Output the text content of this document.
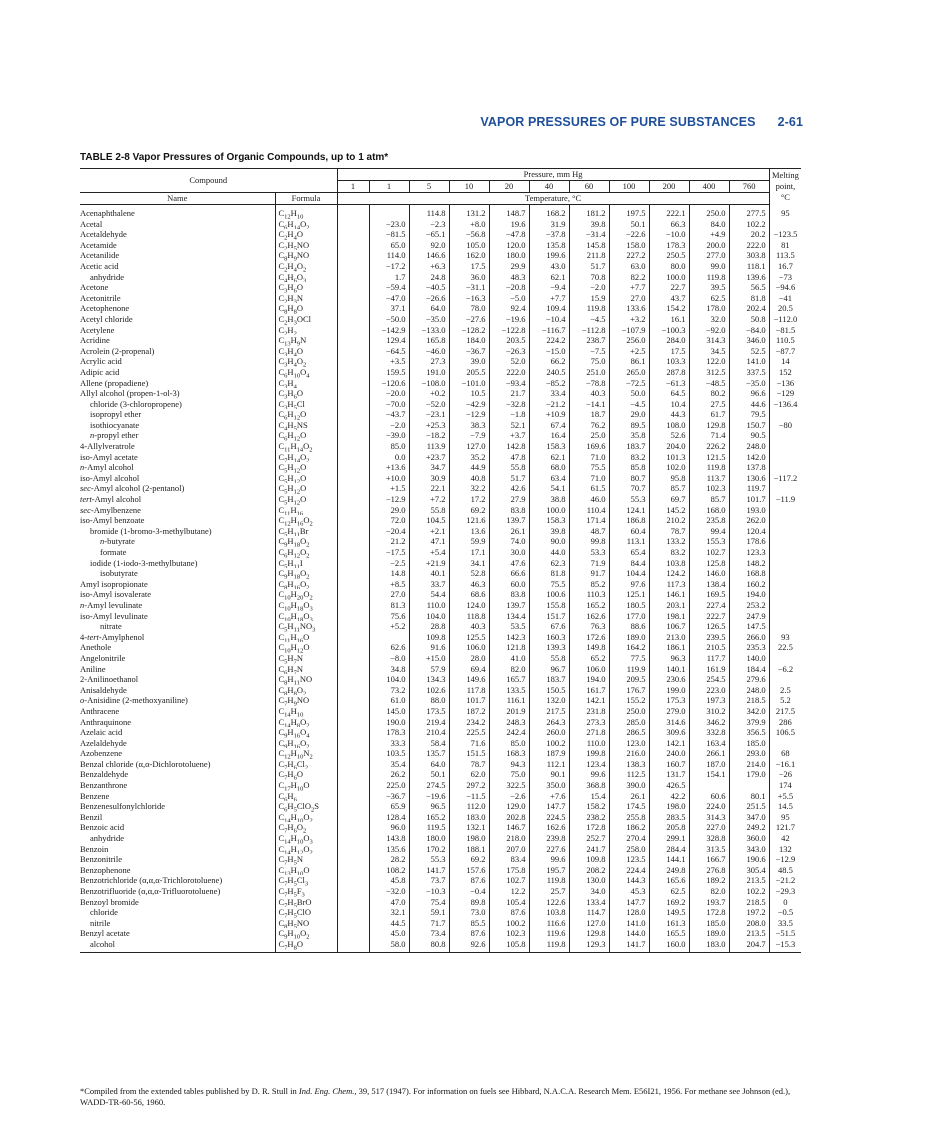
VAPOR PRESSURES OF PURE SUBSTANCES 2-61
TABLE 2-8 Vapor Pressures of Organic Compounds, up to 1 atm*
Compound		Pressure, mm Hg											Melting
point,
°C

		1	1	5	10	20	40	60	100	200	400	760	
Name	Formula	Temperature, °C											
Acenaphthalene	$C_{12}H_{10}$			114.8	131.2	148.7	168.2	181.2	197.5	222.1	250.0	277.5	95
Acetal	$C_6H_{14}O_2$		−23.0	−2.3	+8.0	19.6	31.9	39.8	50.1	66.3	84.0	102.2	
Acetaldehyde	$C_2H_4O$		−81.5	−65.1	−56.8	−47.8	−37.8	−31.4	−22.6	−10.0	+4.9	20.2	−123.5
Acetamide	$C_2H_5NO$		65.0	92.0	105.0	120.0	135.8	145.8	158.0	178.3	200.0	222.0	81
Acetanilide	$C_8H_9NO$		114.0	146.6	162.0	180.0	199.6	211.8	227.2	250.5	277.0	303.8	113.5
Acetic acid	$C_2H_4O_2$		−17.2	+6.3	17.5	29.9	43.0	51.7	63.0	80.0	99.0	118.1	16.7
anhydride	$C_4H_6O_3$		1.7	24.8	36.0	48.3	62.1	70.8	82.2	100.0	119.8	139.6	−73
Acetone	$C_3H_6O$		−59.4	−40.5	−31.1	−20.8	−9.4	−2.0	+7.7	22.7	39.5	56.5	−94.6
Acetonitrile	$C_2H_3N$		−47.0	−26.6	−16.3	−5.0	+7.7	15.9	27.0	43.7	62.5	81.8	−41
Acetophenone	$C_8H_8O$		37.1	64.0	78.0	92.4	109.4	119.8	133.6	154.2	178.0	202.4	20.5
Acetyl chloride	$C_2H_3OCl$		−50.0	−35.0	−27.6	−19.6	−10.4	−4.5	+3.2	16.1	32.0	50.8	−112.0
Acetylene	$C_2H_2$		−142.9	−133.0	−128.2	−122.8	−116.7	−112.8	−107.9	−100.3	−92.0	−84.0	−81.5
Acridine	$C_{13}H_9N$		129.4	165.8	184.0	203.5	224.2	238.7	256.0	284.0	314.3	346.0	110.5
Acrolein (2-propenal)	$C_3H_4O$		−64.5	−46.0	−36.7	−26.3	−15.0	−7.5	+2.5	17.5	34.5	52.5	−87.7
Acrylic acid	$C_3H_4O_2$		+3.5	27.3	39.0	52.0	66.2	75.0	86.1	103.3	122.0	141.0	14
Adipic acid	$C_6H_{10}O_4$		159.5	191.0	205.5	222.0	240.5	251.0	265.0	287.8	312.5	337.5	152
Allene (propadiene)	$C_3H_4$		−120.6	−108.0	−101.0	−93.4	−85.2	−78.8	−72.5	−61.3	−48.5	−35.0	−136
Allyl alcohol (propen-1-ol-3)	$C_3H_6O$		−20.0	+0.2	10.5	21.7	33.4	40.3	50.0	64.5	80.2	96.6	−129
chloride (3-chloropropene)	$C_3H_5Cl$		−70.0	−52.0	−42.9	−32.8	−21.2	−14.1	−4.5	10.4	27.5	44.6	−136.4
isopropyl ether	$C_6H_{12}O$		−43.7	−23.1	−12.9	−1.8	+10.9	18.7	29.0	44.3	61.7	79.5	
isothiocyanate	$C_4H_5NS$		−2.0	+25.3	38.3	52.1	67.4	76.2	89.5	108.0	129.8	150.7	−80
n-propyl ether	$C_6H_{12}O$		−39.0	−18.2	−7.9	+3.7	16.4	25.0	35.8	52.6	71.4	90.5	
4-Allylveratrole	$C_{11}H_{14}O_2$		85.0	113.9	127.0	142.8	158.3	169.6	183.7	204.0	226.2	248.0	
iso-Amyl acetate	$C_7H_{14}O_2$		0.0	+23.7	35.2	47.8	62.1	71.0	83.2	101.3	121.5	142.0	
n-Amyl alcohol	$C_5H_{12}O$		+13.6	34.7	44.9	55.8	68.0	75.5	85.8	102.0	119.8	137.8	
iso-Amyl alcohol	$C_5H_{12}O$		+10.0	30.9	40.8	51.7	63.4	71.0	80.7	95.8	113.7	130.6	−117.2
sec-Amyl alcohol (2-pentanol)	$C_5H_{12}O$		+1.5	22.1	32.2	42.6	54.1	61.5	70.7	85.7	102.3	119.7	
tert-Amyl alcohol	$C_5H_{12}O$		−12.9	+7.2	17.2	27.9	38.8	46.0	55.3	69.7	85.7	101.7	−11.9
sec-Amylbenzene	$C_{11}H_{16}$		29.0	55.8	69.2	83.8	100.0	110.4	124.1	145.2	168.0	193.0	
iso-Amyl benzoate	$C_{12}H_{16}O_2$		72.0	104.5	121.6	139.7	158.3	171.4	186.8	210.2	235.8	262.0	
bromide (1-bromo-3-methylbutane)	$C_5H_{11}Br$		−20.4	+2.1	13.6	26.1	39.8	48.7	60.4	78.7	99.4	120.4	
n-butyrate	$C_9H_{18}O_2$		21.2	47.1	59.9	74.0	90.0	99.8	113.1	133.2	155.3	178.6	
formate	$C_6H_{12}O_2$		−17.5	+5.4	17.1	30.0	44.0	53.3	65.4	83.2	102.7	123.3	
iodide (1-iodo-3-methylbutane)	$C_5H_{11}I$		−2.5	+21.9	34.1	47.6	62.3	71.9	84.4	103.8	125.8	148.2	
isobutyrate	$C_9H_{18}O_2$		14.8	40.1	52.8	66.6	81.8	91.7	104.4	124.2	146.0	168.8	
Amyl isopropionate	$C_8H_{16}O_2$		+8.5	33.7	46.3	60.0	75.5	85.2	97.6	117.3	138.4	160.2	
iso-Amyl isovalerate	$C_{10}H_{20}O_2$		27.0	54.4	68.6	83.8	100.6	110.3	125.1	146.1	169.5	194.0	
n-Amyl levulinate	$C_{10}H_{18}O_3$		81.3	110.0	124.0	139.7	155.8	165.2	180.5	203.1	227.4	253.2	
iso-Amyl levulinate	$C_{10}H_{18}O_3$		75.6	104.0	118.8	134.4	151.7	162.6	177.0	198.1	222.7	247.9	
nitrate	$C_5H_{11}NO_3$		+5.2	28.8	40.3	53.5	67.6	76.3	88.6	106.7	126.5	147.5	
4-tert-Amylphenol	$C_{11}H_{16}O$			109.8	125.5	142.3	160.3	172.6	189.0	213.0	239.5	266.0	93
Anethole	$C_{10}H_{12}O$		62.6	91.6	106.0	121.8	139.3	149.8	164.2	186.1	210.5	235.3	22.5
Angelonitrile	$C_5H_7N$		−8.0	+15.0	28.0	41.0	55.8	65.2	77.5	96.3	117.7	140.0	
Aniline	$C_6H_7N$		34.8	57.9	69.4	82.0	96.7	106.0	119.9	140.1	161.9	184.4	−6.2
2-Anilinoethanol	$C_8H_{11}NO$		104.0	134.3	149.6	165.7	183.7	194.0	209.5	230.6	254.5	279.6	
Anisaldehyde	$C_8H_8O_2$		73.2	102.6	117.8	133.5	150.5	161.7	176.7	199.0	223.0	248.0	2.5
o-Anisidine (2-methoxyaniline)	$C_7H_9NO$		61.0	88.0	101.7	116.1	132.0	142.1	155.2	175.3	197.3	218.5	5.2
Anthracene	$C_{14}H_{10}$		145.0	173.5	187.2	201.9	217.5	231.8	250.0	279.0	310.2	342.0	217.5
Anthraquinone	$C_{14}H_8O_2$		190.0	219.4	234.2	248.3	264.3	273.3	285.0	314.6	346.2	379.9	286
Azelaic acid	$C_9H_{16}O_4$		178.3	210.4	225.5	242.4	260.0	271.8	286.5	309.6	332.8	356.5	106.5
Azelaldehyde	$C_9H_{16}O_2$		33.3	58.4	71.6	85.0	100.2	110.0	123.0	142.1	163.4	185.0	
Azobenzene	$C_{12}H_{10}N_2$		103.5	135.7	151.5	168.3	187.9	199.8	216.0	240.0	266.1	293.0	68
Benzal chloride (α,α-Dichlorotoluene)	$C_7H_6Cl_2$		35.4	64.0	78.7	94.3	112.1	123.4	138.3	160.7	187.0	214.0	−16.1
Benzaldehyde	$C_7H_6O$		26.2	50.1	62.0	75.0	90.1	99.6	112.5	131.7	154.1	179.0	−26
Benzanthrone	$C_{17}H_{10}O$		225.0	274.5	297.2	322.5	350.0	368.8	390.0	426.5			174
Benzene	$C_6H_6$		−36.7	−19.6	−11.5	−2.6	+7.6	15.4	26.1	42.2	60.6	80.1	+5.5
Benzenesulfonylchloride	$C_6H_5ClO_2S$		65.9	96.5	112.0	129.0	147.7	158.2	174.5	198.0	224.0	251.5	14.5
Benzil	$C_{14}H_{10}O_2$		128.4	165.2	183.0	202.8	224.5	238.2	255.8	283.5	314.3	347.0	95
Benzoic acid	$C_7H_6O_2$		96.0	119.5	132.1	146.7	162.6	172.8	186.2	205.8	227.0	249.2	121.7
anhydride	$C_{14}H_{10}O_3$		143.8	180.0	198.0	218.0	239.8	252.7	270.4	299.1	328.8	360.0	42
Benzoin	$C_{14}H_{12}O_2$		135.6	170.2	188.1	207.0	227.6	241.7	258.0	284.4	313.5	343.0	132
Benzonitrile	$C_7H_5N$		28.2	55.3	69.2	83.4	99.6	109.8	123.5	144.1	166.7	190.6	−12.9
Benzophenone	$C_{13}H_{10}O$		108.2	141.7	157.6	175.8	195.7	208.2	224.4	249.8	276.8	305.4	48.5
Benzotrichloride (α,α,α-Trichlorotoluene)	$C_7H_5Cl_3$		45.8	73.7	87.6	102.7	119.8	130.0	144.3	165.6	189.2	213.5	−21.2
Benzotrifluoride (α,α,α-Trifluorotoluene)	$C_7H_5F_3$		−32.0	−10.3	−0.4	12.2	25.7	34.0	45.3	62.5	82.0	102.2	−29.3
Benzoyl bromide	$C_7H_5BrO$		47.0	75.4	89.8	105.4	122.6	133.4	147.7	169.2	193.7	218.5	0
chloride	$C_7H_5ClO$		32.1	59.1	73.0	87.6	103.8	114.7	128.0	149.5	172.8	197.2	−0.5
nitrile	$C_8H_5NO$		44.5	71.7	85.5	100.2	116.6	127.0	141.0	161.3	185.0	208.0	33.5
Benzyl acetate	$C_9H_{10}O_2$		45.0	73.4	87.6	102.3	119.6	129.8	144.0	165.5	189.0	213.5	−51.5
alcohol	$C_7H_8O$		58.0	80.8	92.6	105.8	119.8	129.3	141.7	160.0	183.0	204.7	−15.3
*Compiled from the extended tables published by D. R. Stull in Ind. Eng. Chem., 39, 517 (1947). For information on fuels see Hibbard, N.A.C.A. Research Mem. E56I21, 1956. For methane see Johnson (ed.), WADD-TR-60-56, 1960.
